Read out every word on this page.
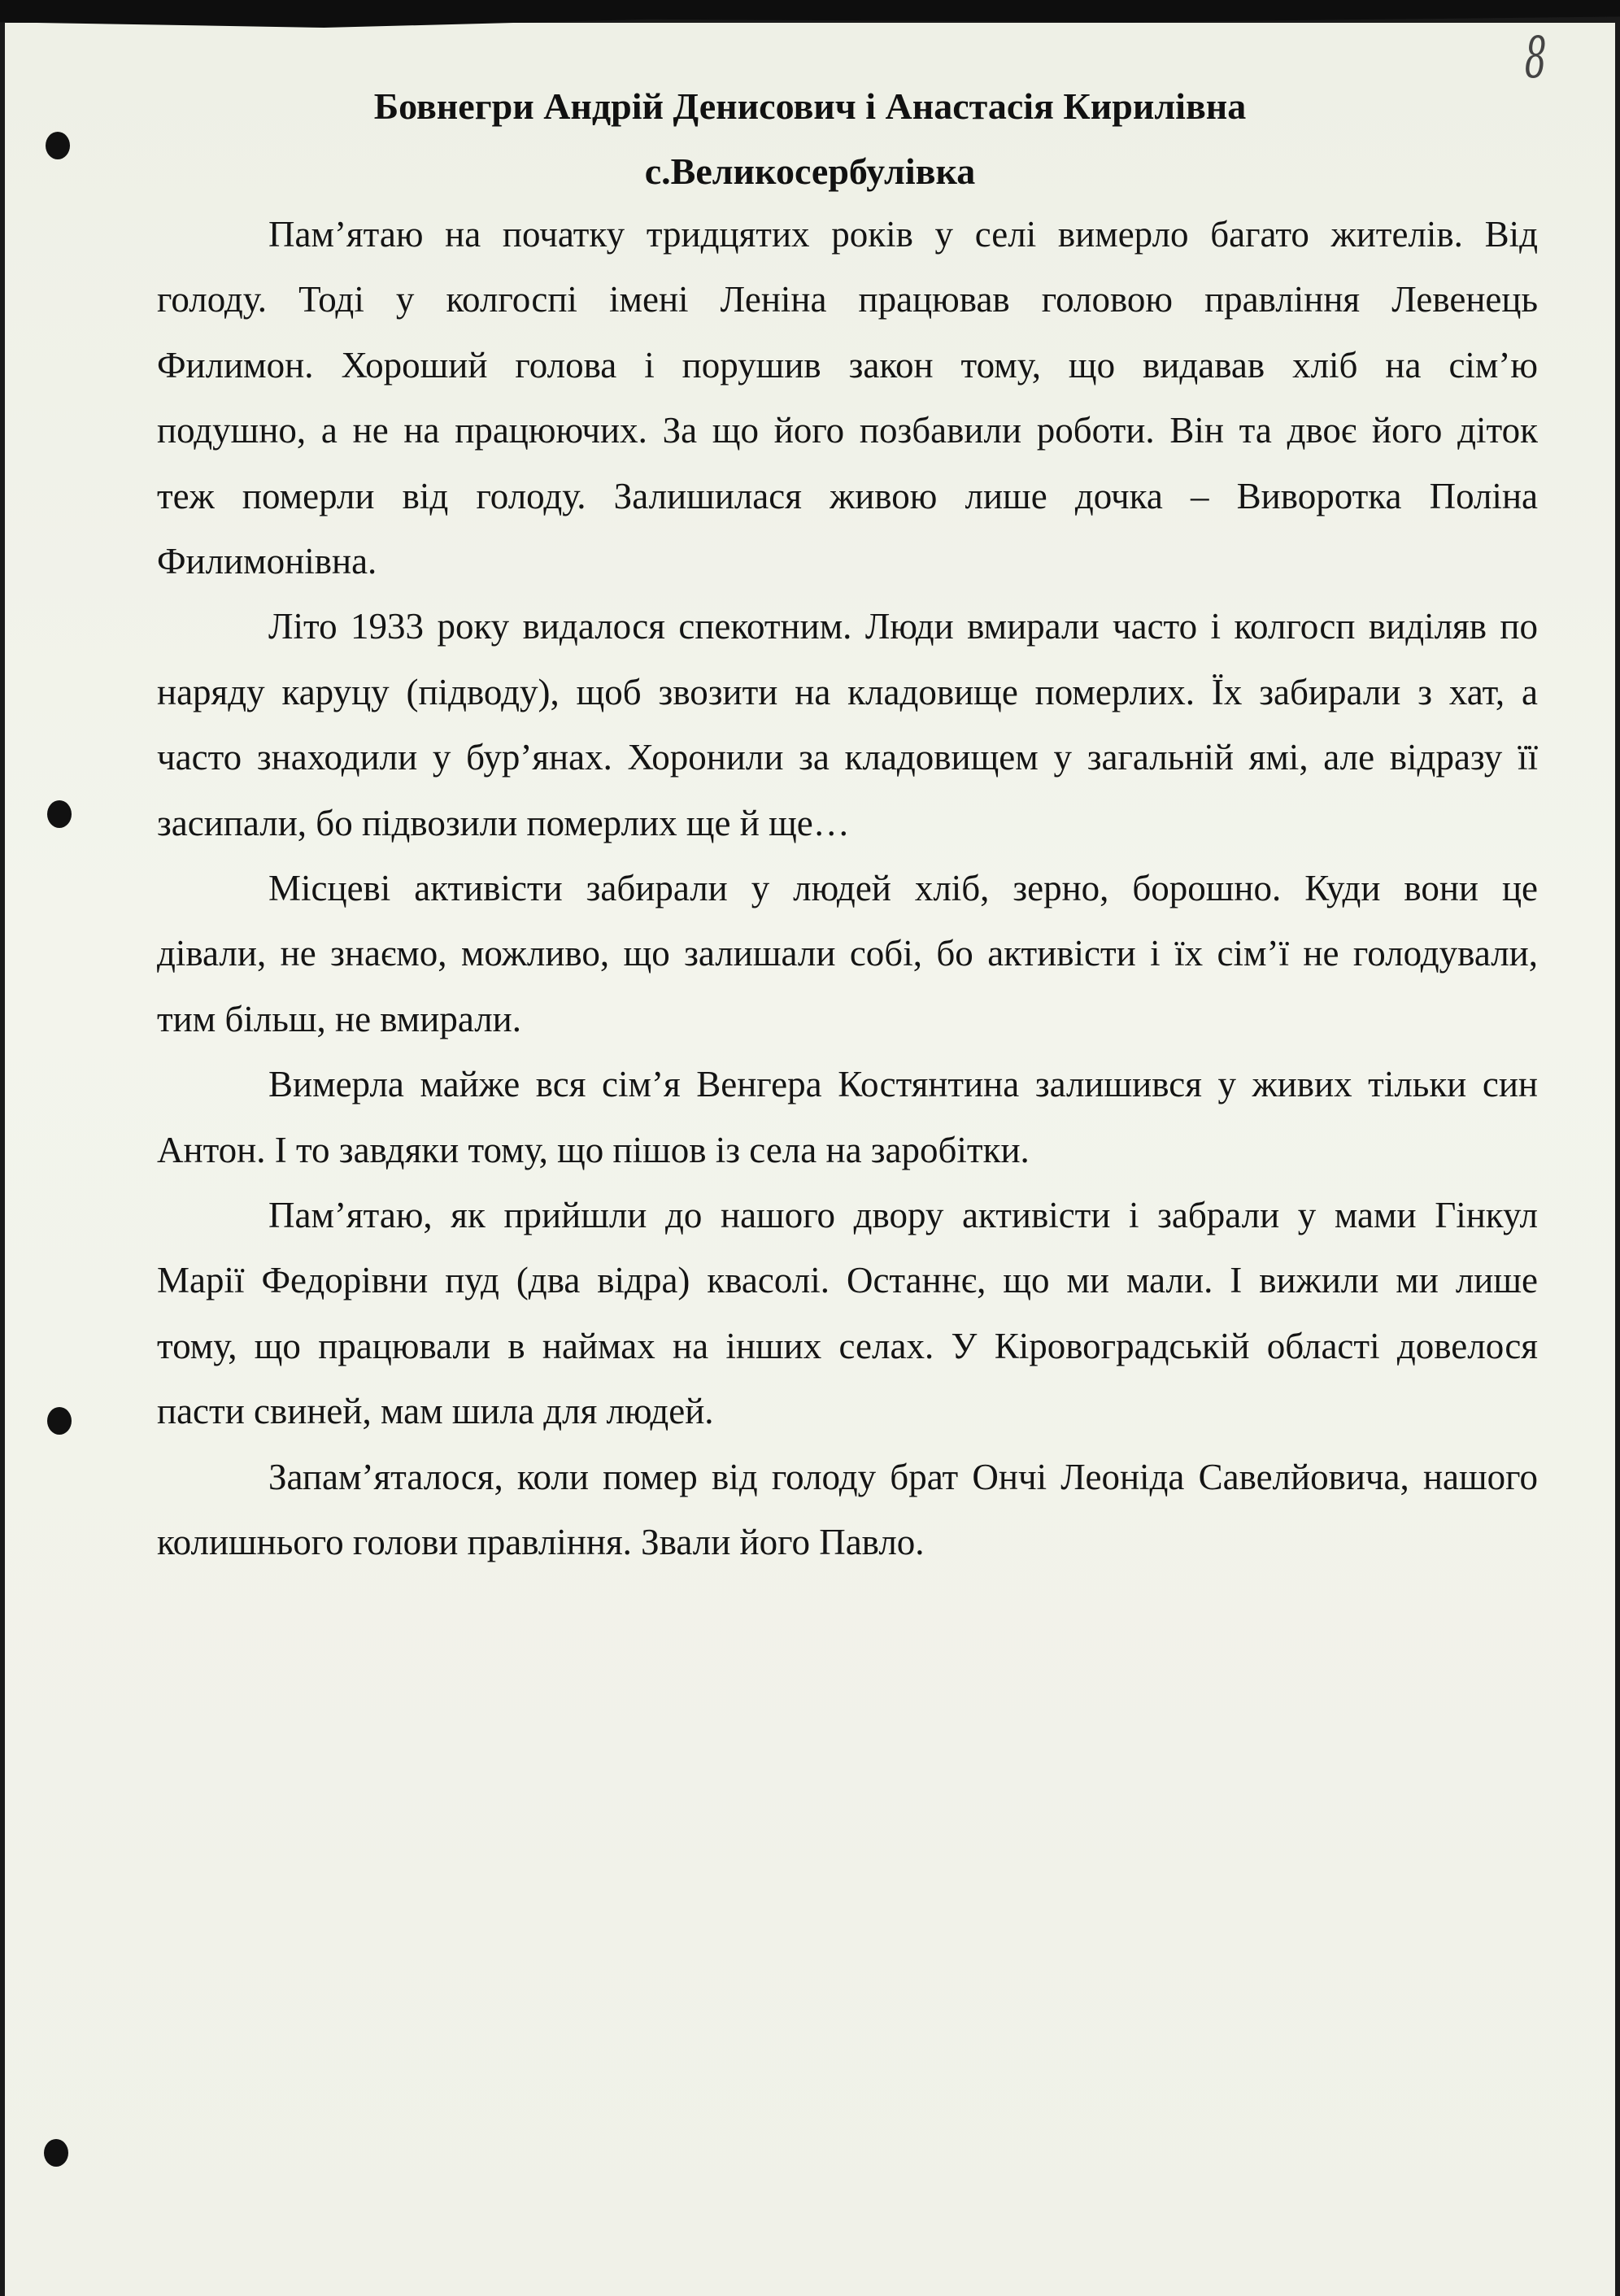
8
Бовнегри Андрій Денисович і Анастасія Кирилівна
с.Великосербулівка
Пам’ятаю на початку тридцятих років у селі вимерло багато жителів. Від
голоду. Тоді у колгоспі імені Леніна працював головою правління Левенець
Филимон. Хороший голова і порушив закон тому, що видавав хліб на сім’ю
подушно, а не на працюючих. За що його позбавили роботи. Він та двоє його діток
теж померли від голоду. Залишилася живою лише дочка – Виворотка Поліна
Филимонівна.
Літо 1933 року видалося спекотним. Люди вмирали часто і колгосп виділяв по
наряду каруцу (підводу), щоб звозити на кладовище померлих. Їх забирали з хат, а
часто знаходили у бур’янах. Хоронили за кладовищем у загальній ямі, але відразу її
засипали, бо підвозили померлих ще й ще…
Місцеві активісти забирали у людей хліб, зерно, борошно. Куди вони це
дівали, не знаємо, можливо, що залишали собі, бо активісти і їх сім’ї не голодували,
тим більш, не вмирали.
Вимерла майже вся сім’я Венгера Костянтина залишився у живих тільки син
Антон. І то завдяки тому, що пішов із села на заробітки.
Пам’ятаю, як прийшли до нашого двору активісти і забрали у мами Гінкул
Марії Федорівни пуд (два відра) квасолі. Останнє, що ми мали. І вижили ми лише
тому, що працювали в наймах на інших селах. У Кіровоградській області довелося
пасти свиней, мам шила для людей.
Запам’яталося, коли помер від голоду брат Ончі Леоніда Савелйовича, нашого
колишнього голови правління. Звали його Павло.
